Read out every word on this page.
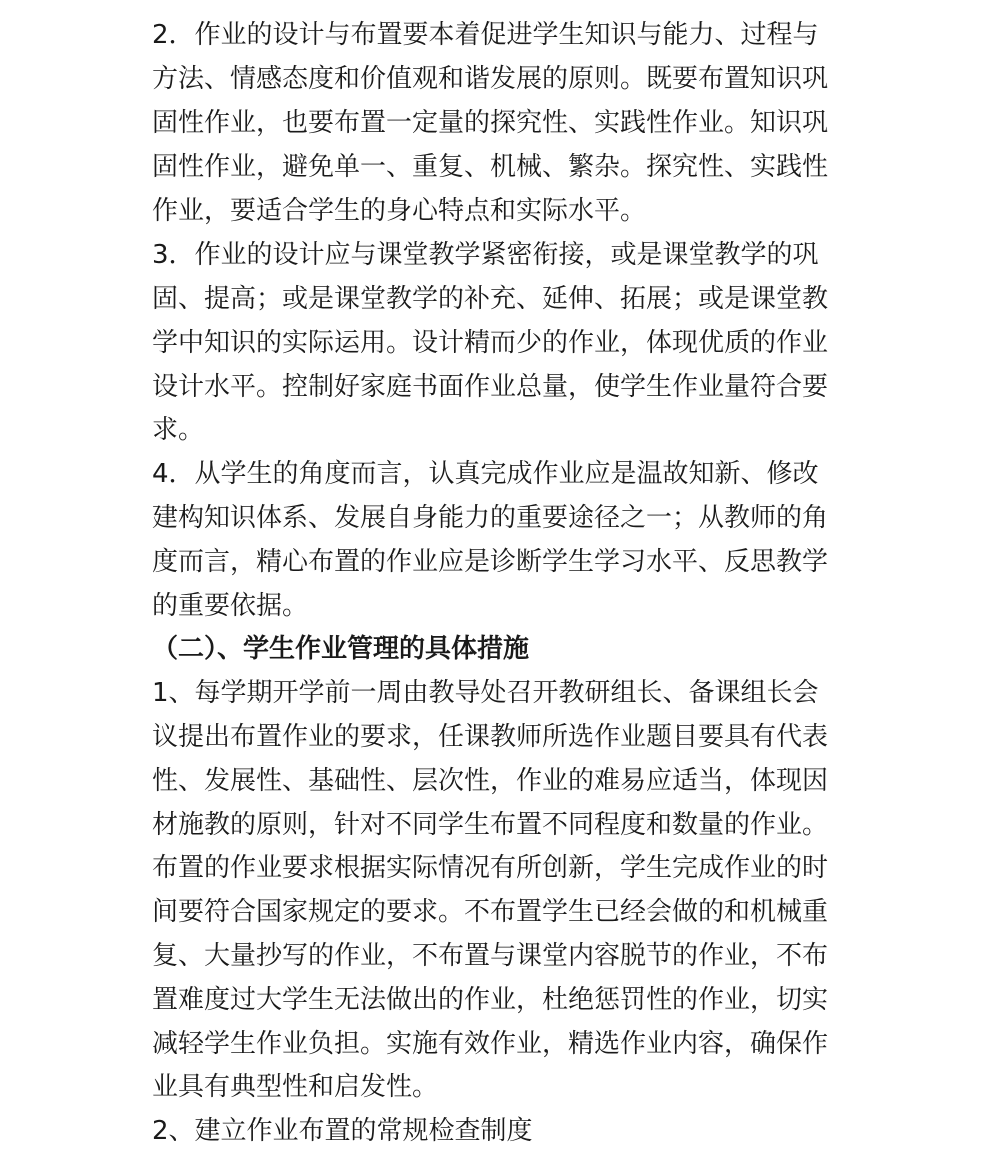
2．作业的设计与布置要本着促进学生知识与能力、过程与

方法、情感态度和价值观和谐发展的原则。既要布置知识巩

固性作业，也要布置一定量的探究性、实践性作业。知识巩

固性作业，避免单一、重复、机械、繁杂。探究性、实践性

作业，要适合学生的身心特点和实际水平。

3．作业的设计应与课堂教学紧密衔接，或是课堂教学的巩

固、提高；或是课堂教学的补充、延伸、拓展；或是课堂教

学中知识的实际运用。设计精而少的作业，体现优质的作业

设计水平。控制好家庭书面作业总量，使学生作业量符合要

求。

4．从学生的角度而言，认真完成作业应是温故知新、修改

建构知识体系、发展自身能力的重要途径之一；从教师的角

度而言，精心布置的作业应是诊断学生学习水平、反思教学

的重要依据。

（二）、学生作业管理的具体措施

1、每学期开学前一周由教导处召开教研组长、备课组长会

议提出布置作业的要求，任课教师所选作业题目要具有代表

性、发展性、基础性、层次性，作业的难易应适当，体现因

材施教的原则，针对不同学生布置不同程度和数量的作业。

布置的作业要求根据实际情况有所创新，学生完成作业的时

间要符合国家规定的要求。不布置学生已经会做的和机械重

复、大量抄写的作业，不布置与课堂内容脱节的作业，不布

置难度过大学生无法做出的作业，杜绝惩罚性的作业，切实

减轻学生作业负担。实施有效作业，精选作业内容，确保作

业具有典型性和启发性。

2、建立作业布置的常规检查制度
